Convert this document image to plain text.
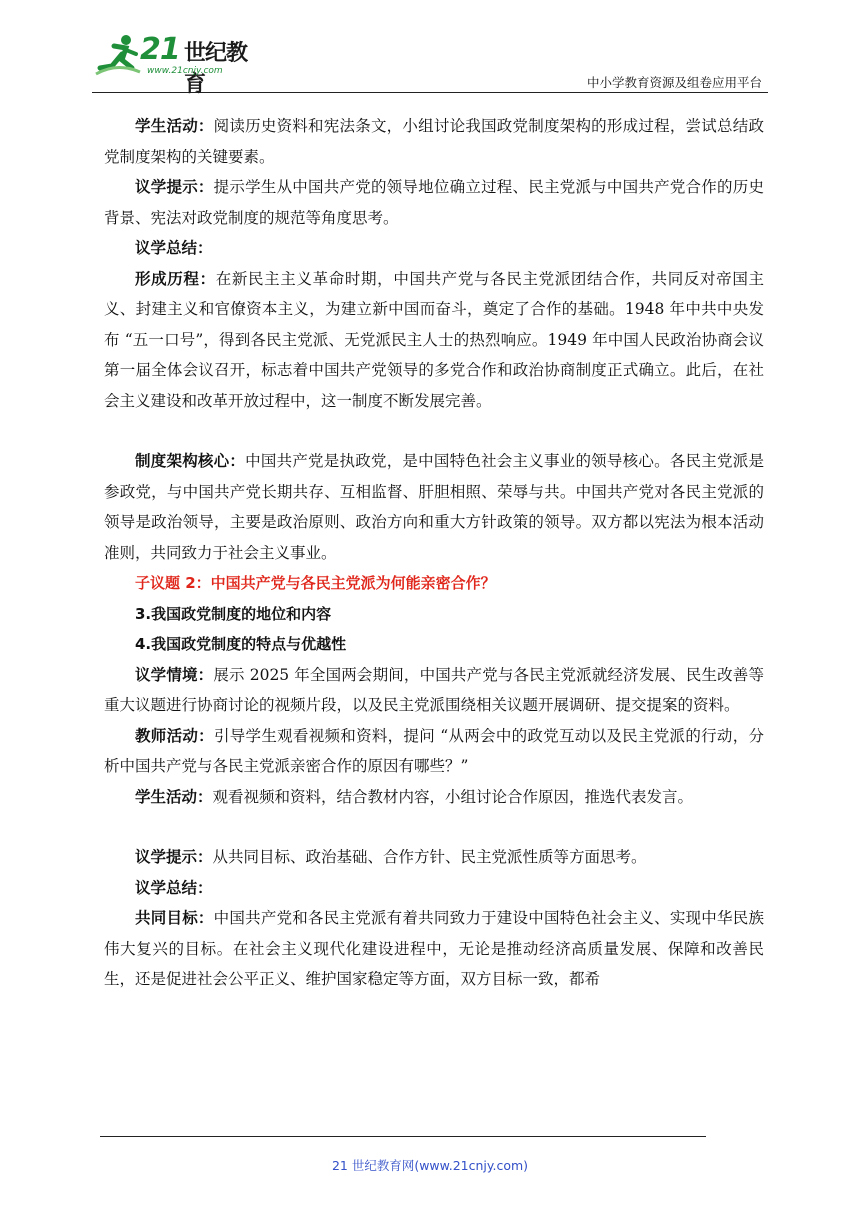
21 世纪教育
www.21cnjy.com
中小学教育资源及组卷应用平台

学生活动：阅读历史资料和宪法条文，小组讨论我国政党制度架构的形成过程，尝试总结政党制度架构的关键要素。

议学提示：提示学生从中国共产党的领导地位确立过程、民主党派与中国共产党合作的历史背景、宪法对政党制度的规范等角度思考。

议学总结：

形成历程：在新民主主义革命时期，中国共产党与各民主党派团结合作，共同反对帝国主义、封建主义和官僚资本主义，为建立新中国而奋斗，奠定了合作的基础。1948 年中共中央发布 “五一口号”，得到各民主党派、无党派民主人士的热烈响应。1949 年中国人民政治协商会议第一届全体会议召开，标志着中国共产党领导的多党合作和政治协商制度正式确立。此后，在社会主义建设和改革开放过程中，这一制度不断发展完善。

制度架构核心：中国共产党是执政党，是中国特色社会主义事业的领导核心。各民主党派是参政党，与中国共产党长期共存、互相监督、肝胆相照、荣辱与共。中国共产党对各民主党派的领导是政治领导，主要是政治原则、政治方向和重大方针政策的领导。双方都以宪法为根本活动准则，共同致力于社会主义事业。

子议题 2：中国共产党与各民主党派为何能亲密合作？

3.我国政党制度的地位和内容

4.我国政党制度的特点与优越性

议学情境：展示 2025 年全国两会期间，中国共产党与各民主党派就经济发展、民生改善等重大议题进行协商讨论的视频片段，以及民主党派围绕相关议题开展调研、提交提案的资料。

教师活动：引导学生观看视频和资料，提问 “从两会中的政党互动以及民主党派的行动，分析中国共产党与各民主党派亲密合作的原因有哪些？”

学生活动：观看视频和资料，结合教材内容，小组讨论合作原因，推选代表发言。

议学提示：从共同目标、政治基础、合作方针、民主党派性质等方面思考。

议学总结：

共同目标：中国共产党和各民主党派有着共同致力于建设中国特色社会主义、实现中华民族伟大复兴的目标。在社会主义现代化建设进程中，无论是推动经济高质量发展、保障和改善民生，还是促进社会公平正义、维护国家稳定等方面，双方目标一致，都希

21 世纪教育网(www.21cnjy.com)
